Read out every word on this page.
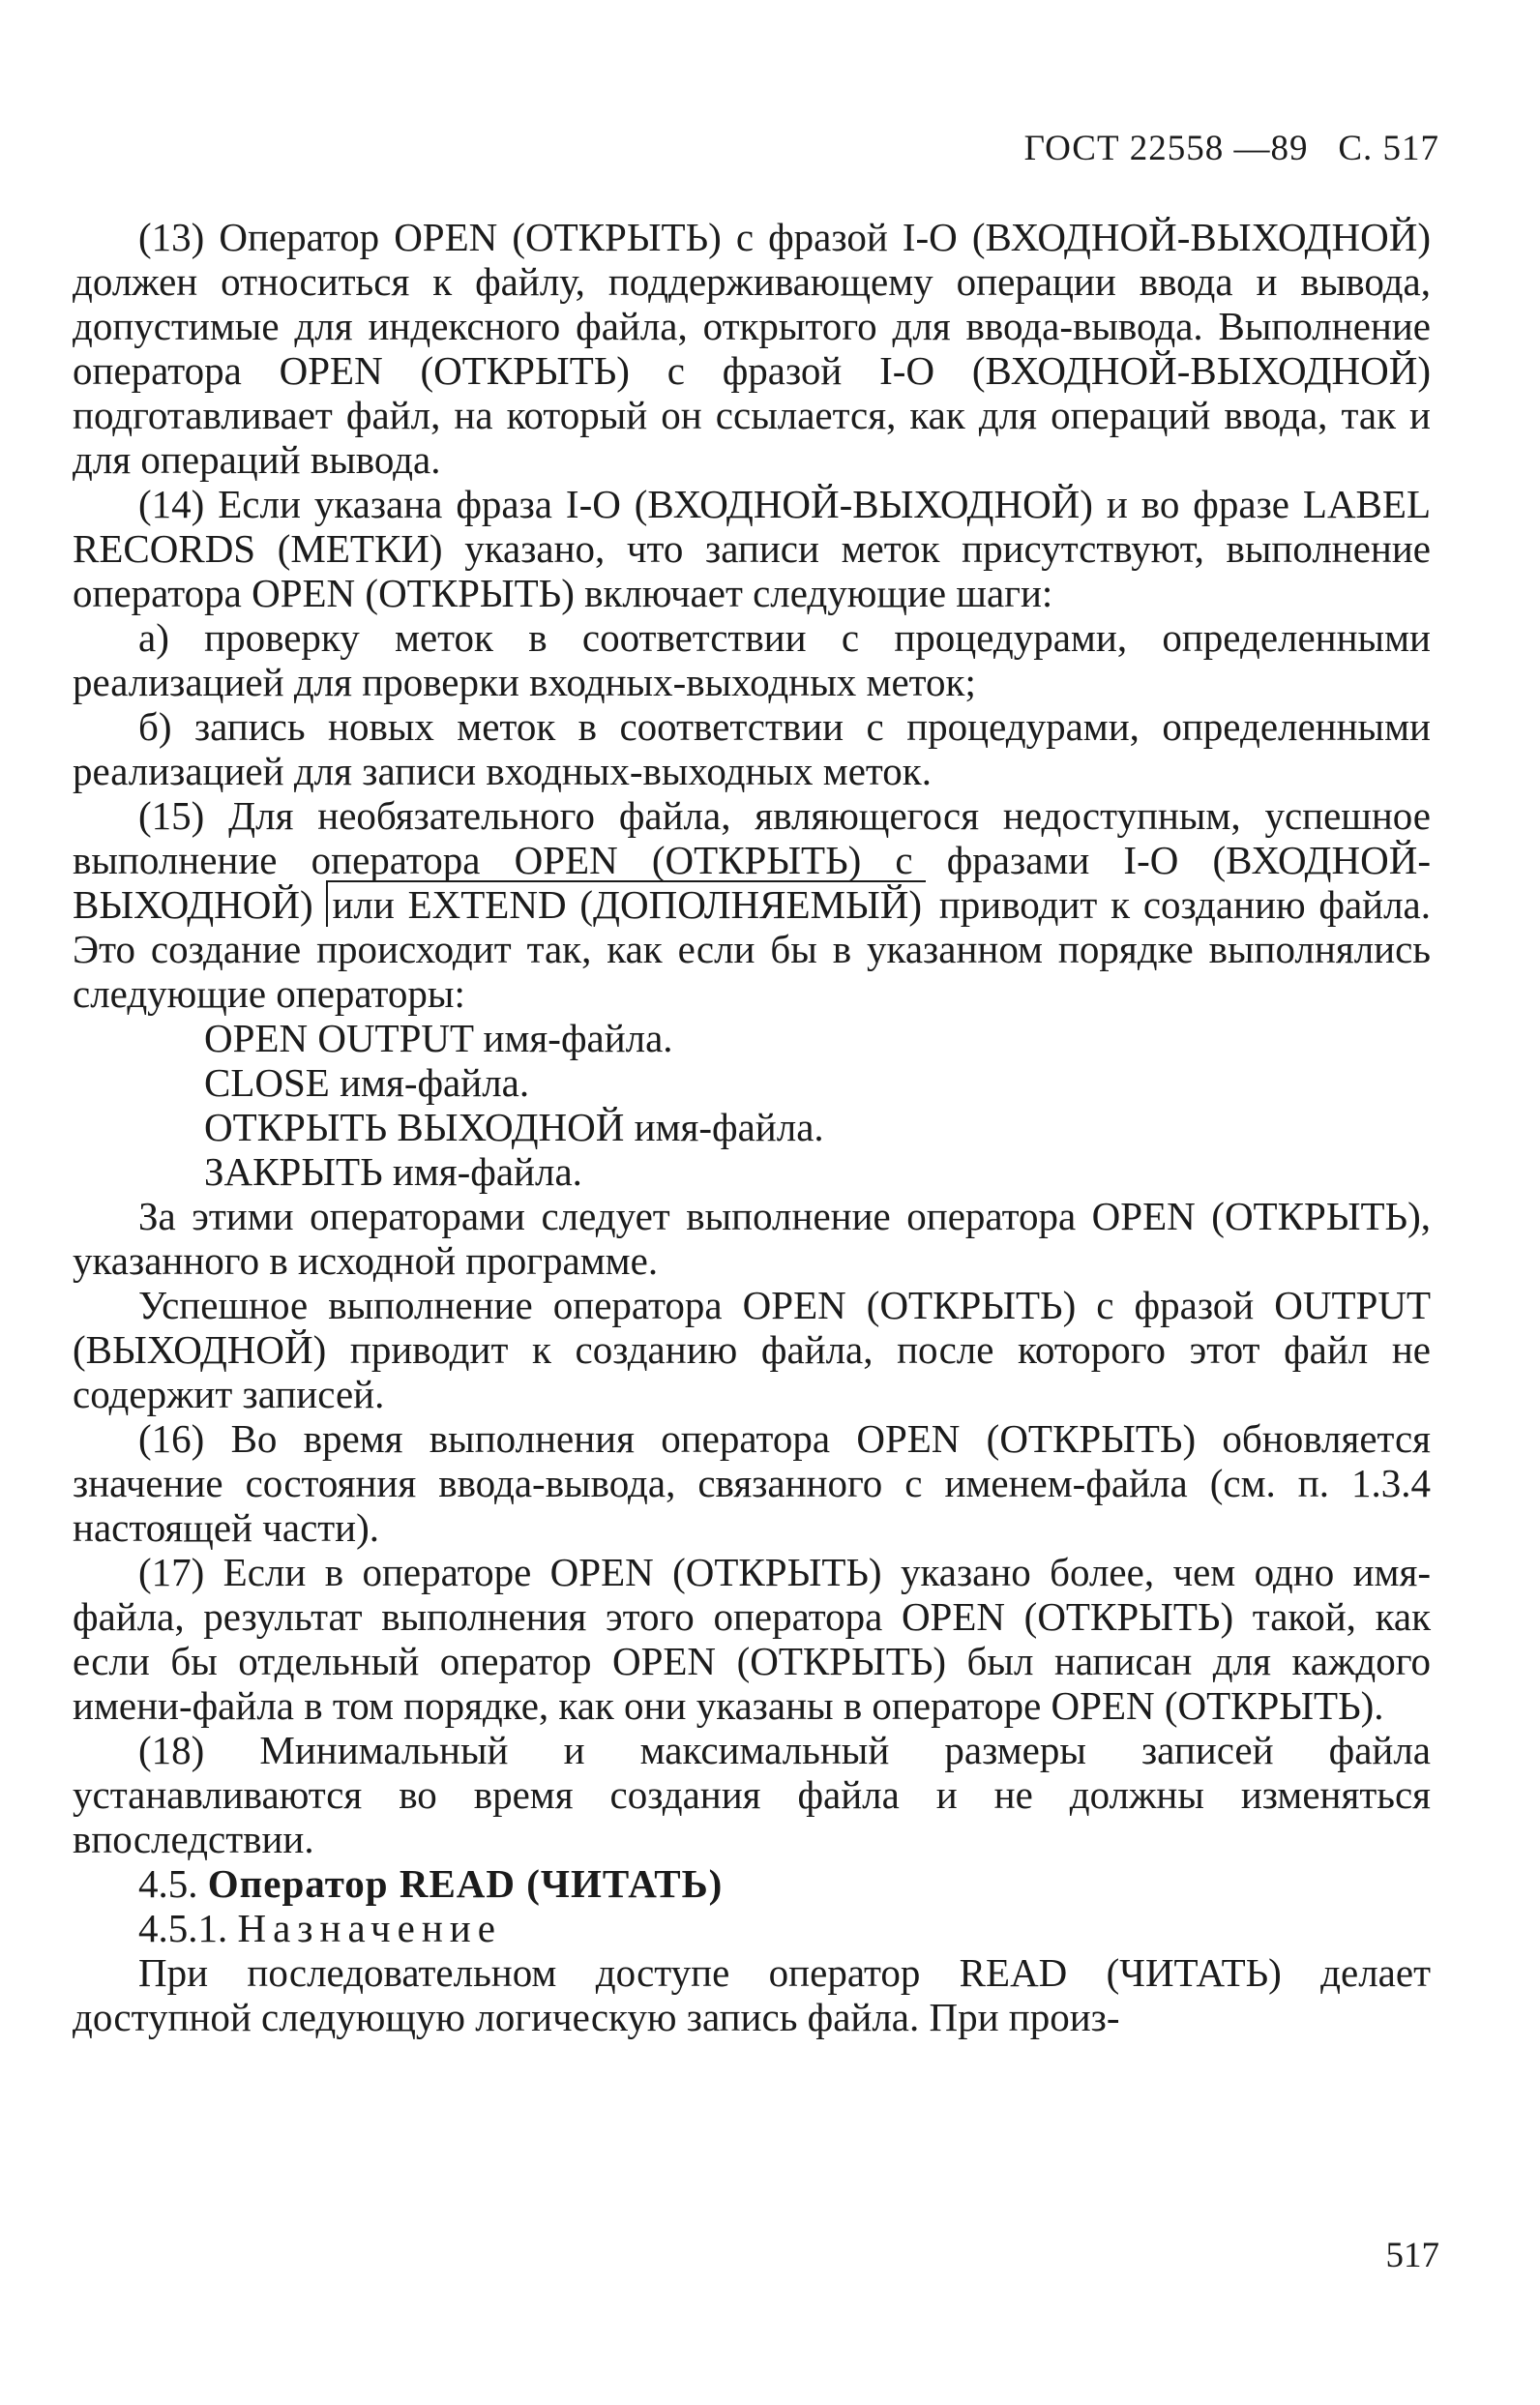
ГОСТ 22558 —89 С. 517

(13) Оператор OPEN (ОТКРЫТЬ) с фразой I-O (ВХОДНОЙ-ВЫХОДНОЙ) должен относиться к файлу, поддерживающему операции ввода и вывода, допустимые для индексного файла, открытого для ввода-вывода. Выполнение оператора OPEN (ОТКРЫТЬ) с фразой I-O (ВХОДНОЙ-ВЫХОДНОЙ) подготавливает файл, на который он ссылается, как для операций ввода, так и для операций вывода.

(14) Если указана фраза I-O (ВХОДНОЙ-ВЫХОДНОЙ) и во фразе LABEL RECORDS (МЕТКИ) указано, что записи меток присутствуют, выполнение оператора OPEN (ОТКРЫТЬ) включает следующие шаги:

а) проверку меток в соответствии с процедурами, определенными реализацией для проверки входных-выходных меток;

б) запись новых меток в соответствии с процедурами, определенными реализацией для записи входных-выходных меток.

(15) Для необязательного файла, являющегося недоступным, успешное выполнение оператора OPEN (ОТКРЫТЬ) с фразами I-O (ВХОДНОЙ-ВЫХОДНОЙ) или EXTEND (ДОПОЛНЯЕМЫЙ) приводит к созданию файла. Это создание происходит так, как если бы в указанном порядке выполнялись следующие операторы:

OPEN OUTPUT имя-файла.

CLOSE имя-файла.

ОТКРЫТЬ ВЫХОДНОЙ имя-файла.

ЗАКРЫТЬ имя-файла.

За этими операторами следует выполнение оператора OPEN (ОТКРЫТЬ), указанного в исходной программе.

Успешное выполнение оператора OPEN (ОТКРЫТЬ) с фразой OUTPUT (ВЫХОДНОЙ) приводит к созданию файла, после которого этот файл не содержит записей.

(16) Во время выполнения оператора OPEN (ОТКРЫТЬ) обновляется значение состояния ввода-вывода, связанного с именем-файла (см. п. 1.3.4 настоящей части).

(17) Если в операторе OPEN (ОТКРЫТЬ) указано более, чем одно имя-файла, результат выполнения этого оператора OPEN (ОТКРЫТЬ) такой, как если бы отдельный оператор OPEN (ОТКРЫТЬ) был написан для каждого имени-файла в том порядке, как они указаны в операторе OPEN (ОТКРЫТЬ).

(18) Минимальный и максимальный размеры записей файла устанавливаются во время создания файла и не должны изменяться впоследствии.

4.5. Оператор READ (ЧИТАТЬ)

4.5.1. Назначение

При последовательном доступе оператор READ (ЧИТАТЬ) делает доступной следующую логическую запись файла. При произ-

517
